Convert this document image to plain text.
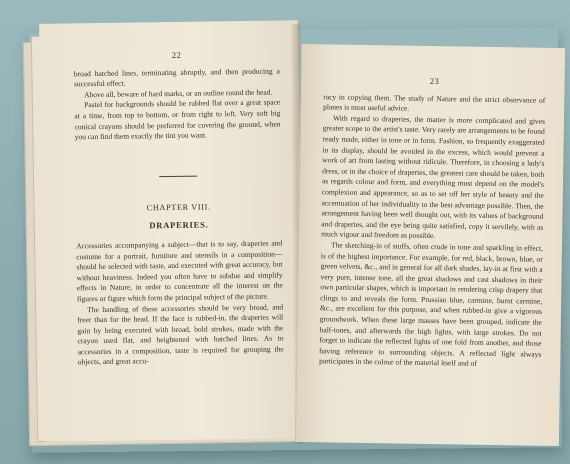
22

broad hatched lines, terminating abruptly, and then producing a successful effect.

Above all, beware of hard marks, or an outline round the head.

Pastel for backgrounds should be rubbed flat over a great space at a time, from top to bottom, or from right to left. Very soft big conical crayons should be preferred for covering the ground, when you can find them exactly the tint you want.

CHAPTER VIII.
DRAPERIES.

Accessories accompanying a subject—that is to say, draperies and costume for a portrait, furniture and utensils in a composition—should be selected with taste, and executed with great accuracy, but without heaviness. Indeed you often have to subdue and simplify effects in Nature, in order to concentrate all the interest on the figures or figure which form the principal subject of the picture.

The handling of these accessories should be very broad, and freer than for the head. If the face is rubbed-in, the draperies will gain by being executed with broad, bold strokes, made with the crayon used flat, and heightened with hatched lines. As to accessories in a composition, taste is required for grouping the objects, and great accu-

23

racy in copying them. The study of Nature and the strict observance of planes is most useful advice.

With regard to draperies, the matter is more complicated and gives greater scope to the artist's taste. Very rarely are arrangements to be found ready made, either in tone or in form. Fashion, so frequently exaggerated in its display, should be avoided in the excess, which would prevent a work of art from lasting without ridicule. Therefore, in choosing a lady's dress, or in the choice of draperies, the greatest care should be taken, both as regards colour and form, and everything must depend on the model's complexion and appearance, so as to set off her style of beauty and the accentuation of her individuality to the best advantage possible. Then, the arrangement having been well thought out, with its values of background and draperies, and the eye being quite satisfied, copy it servilely, with as much vigour and freedom as possible.

The sketching-in of stuffs, often crude in tone and sparkling in effect, is of the highest importance. For example, for red, black, brown, blue, or green velvets, &c., and in general for all dark shades, lay-in at first with a very pure, intense tone, all the great shadows and cast shadows in their own particular shapes, which is important in rendering crisp drapery that clings to and reveals the form. Prussian blue, carmine, burnt carmine, &c., are excellent for this purpose, and when rubbed-in give a vigorous groundwork. When these large masses have been grouped, indicate the half-tones, and afterwards the high lights, with large strokes. Do not forget to indicate the reflected lights of one fold from another, and those having reference to surrounding objects. A reflected light always participates in the colour of the material itself and of
